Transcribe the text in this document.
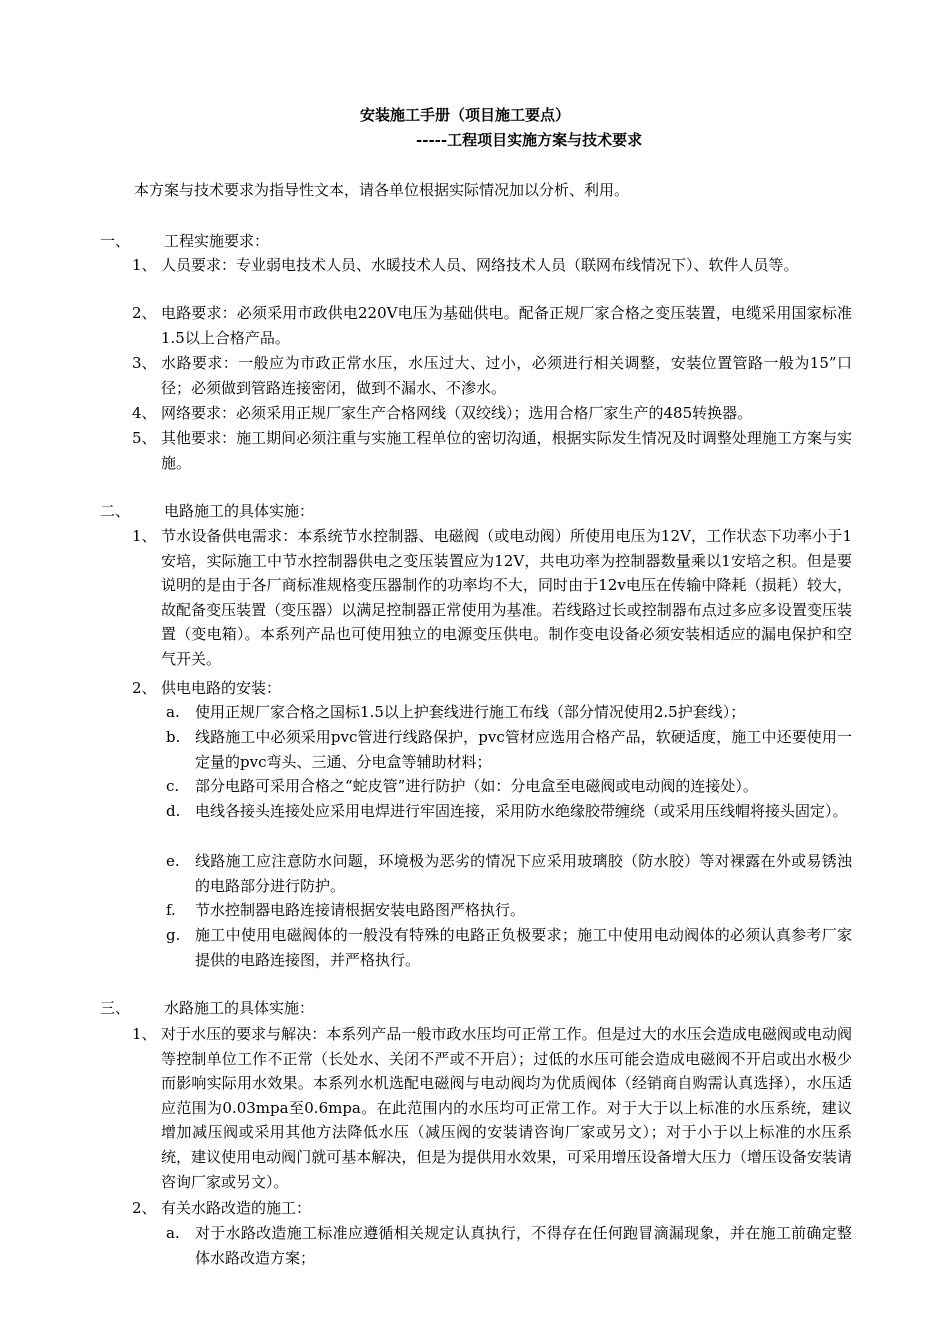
安装施工手册（项目施工要点）
-----工程项目实施方案与技术要求
本方案与技术要求为指导性文本，请各单位根据实际情况加以分析、利用。
一、 工程实施要求：
1、 人员要求：专业弱电技术人员、水暖技术人员、网络技术人员（联网布线情况下）、软件人员等。
2、 电路要求：必须采用市政供电220V电压为基础供电。配备正规厂家合格之变压装置，电缆采用国家标准1.5以上合格产品。
3、 水路要求：一般应为市政正常水压，水压过大、过小，必须进行相关调整，安装位置管路一般为15”口径；必须做到管路连接密闭，做到不漏水、不渗水。
4、 网络要求：必须采用正规厂家生产合格网线（双绞线）；选用合格厂家生产的485转换器。
5、 其他要求：施工期间必须注重与实施工程单位的密切沟通，根据实际发生情况及时调整处理施工方案与实施。
二、 电路施工的具体实施：
1、 节水设备供电需求：本系统节水控制器、电磁阀（或电动阀）所使用电压为12V，工作状态下功率小于1安培，实际施工中节水控制器供电之变压装置应为12V，共电功率为控制器数量乘以1安培之积。但是要说明的是由于各厂商标准规格变压器制作的功率均不大，同时由于12v电压在传输中降耗（损耗）较大，故配备变压装置（变压器）以满足控制器正常使用为基准。若线路过长或控制器布点过多应多设置变压装置（变电箱）。本系列产品也可使用独立的电源变压供电。制作变电设备必须安装相适应的漏电保护和空气开关。
2、 供电电路的安装：
a. 使用正规厂家合格之国标1.5以上护套线进行施工布线（部分情况使用2.5护套线）；
b. 线路施工中必须采用pvc管进行线路保护，pvc管材应选用合格产品，软硬适度，施工中还要使用一定量的pvc弯头、三通、分电盒等辅助材料；
c. 部分电路可采用合格之“蛇皮管”进行防护（如：分电盒至电磁阀或电动阀的连接处）。
d. 电线各接头连接处应采用电焊进行牢固连接，采用防水绝缘胶带缠绕（或采用压线帽将接头固定）。
e. 线路施工应注意防水问题，环境极为恶劣的情况下应采用玻璃胶（防水胶）等对裸露在外或易锈浊的电路部分进行防护。
f. 节水控制器电路连接请根据安装电路图严格执行。
g. 施工中使用电磁阀体的一般没有特殊的电路正负极要求；施工中使用电动阀体的必须认真参考厂家提供的电路连接图，并严格执行。
三、 水路施工的具体实施：
1、 对于水压的要求与解决：本系列产品一般市政水压均可正常工作。但是过大的水压会造成电磁阀或电动阀等控制单位工作不正常（长处水、关闭不严或不开启）；过低的水压可能会造成电磁阀不开启或出水极少而影响实际用水效果。本系列水机选配电磁阀与电动阀均为优质阀体（经销商自购需认真选择），水压适应范围为0.03mpa至0.6mpa。在此范围内的水压均可正常工作。对于大于以上标准的水压系统，建议增加减压阀或采用其他方法降低水压（减压阀的安装请咨询厂家或另文）；对于小于以上标准的水压系统，建议使用电动阀门就可基本解决，但是为提供用水效果，可采用增压设备增大压力（增压设备安装请咨询厂家或另文）。
2、 有关水路改造的施工：
a. 对于水路改造施工标准应遵循相关规定认真执行，不得存在任何跑冒滴漏现象，并在施工前确定整体水路改造方案；
